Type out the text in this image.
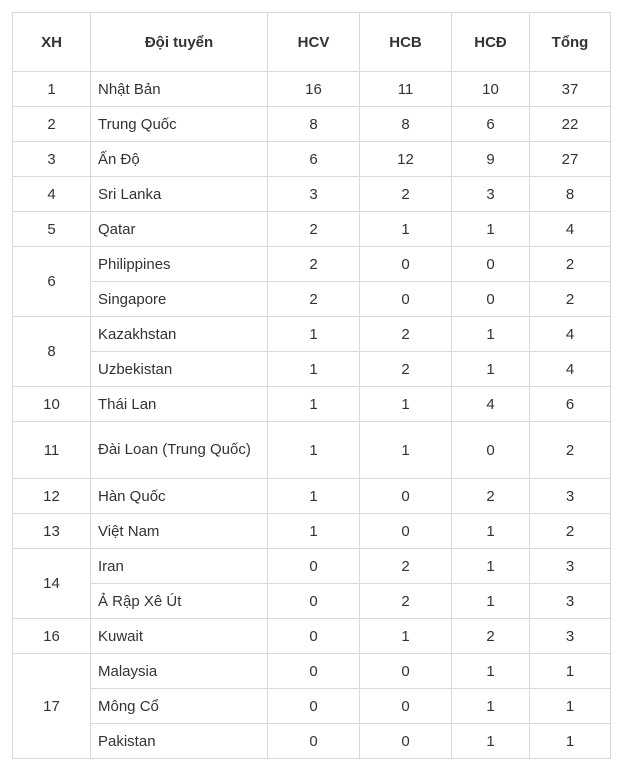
XH	Đội tuyển	HCV	HCB	HCĐ	Tổng
1	Nhật Bản	16	11	10	37
2	Trung Quốc	8	8	6	22
3	Ấn Độ	6	12	9	27
4	Sri Lanka	3	2	3	8
5	Qatar	2	1	1	4
6	Philippines	2	0	0	2
	Singapore	2	0	0	2
8	Kazakhstan	1	2	1	4
	Uzbekistan	1	2	1	4
10	Thái Lan	1	1	4	6
11	Đài Loan (Trung Quốc)	1	1	0	2
12	Hàn Quốc	1	0	2	3
13	Việt Nam	1	0	1	2
14	Iran	0	2	1	3
	Ả Rập Xê Út	0	2	1	3
16	Kuwait	0	1	2	3
17	Malaysia	0	0	1	1
	Mông Cổ	0	0	1	1
	Pakistan	0	0	1	1
